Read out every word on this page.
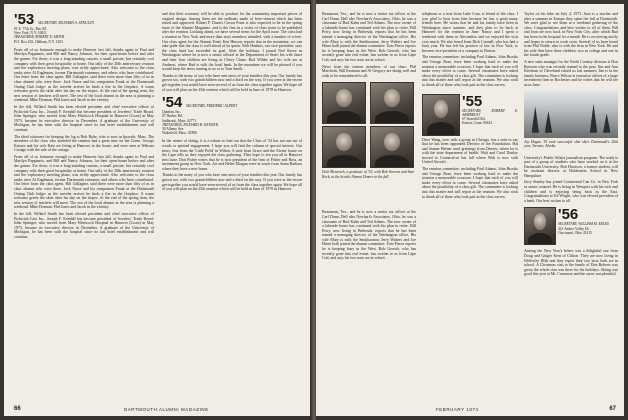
'53 SECRETARY, RICHARD A. SENGUIN
91 E. 77th St., Rm. 8Z
New York, N.Y. 10021
TREASURER, ROBERT E. SMITH
P.O. Box 202, Oldham, N.Y. 1203

From all of us fortunate enough to make Hanover last fall, thanks again to Paul and Marilyn Pappanois, and Bill and Nancy Johnson, for their open-house before and after the games. For these, it was a long-standing custom, a small private, but certainly cool company with their great hospitality at home. Our tally of the 20th anniversary reunion and the exploratory meeting plans, was richly appreciated. Also welcome to the class ranks were Al Engleman, former Dartmouth swimmer, and others who have contributed. Our letter from the class agent, Bill Gallagher, said there were more than fifty of us in class alumni who were there. Jack Nurse and his companion Frank at the Dartmouth Outing Club lodge: as the traveler arrives he finds a fire in the fireplace. A warm welcome greets the skier after his day on the slopes. At the end of the spring term, the new session of teachers will meet. The rest of the local alumni in the area is planning a weekend. Mike Dorman, Phil Jones and Jacob in the vicinity.

In the fall, Willard Smith has been elected president and chief executive officer of Pickwick-Cass Inc., Joseph F. Kendall has become president of Jewelers' Trade Board. John Springer, who moved from Mary Hitchcock Hospital in Hanover (Coast) in May 1973, became its executive director in December. A graduate of the University of Michigan, he has been with the hospital since its last brief establishment and will continue.

The ideal schooner for keeping the log is Bob Rohe, who is now in Ipswich, Mass. The members of the class who attended the reunion had a great time on the Green. George Katwin and his wife Kate are living at Hanover in the house, and were seen at Webster Cottage with the sale of the cottage.

From all of us fortunate enough to make Hanover last fall, thanks again to Paul and Marilyn Pappanois, and Bill and Nancy Johnson, for their open-house before and after the games. For these, it was a long-standing custom, a small private, but certainly cool company with their great hospitality at home. Our tally of the 20th anniversary reunion and the exploratory meeting plans, was richly appreciated. Also welcome to the class ranks were Al Engleman, former Dartmouth swimmer, and others who have contributed. Our letter from the class agent, Bill Gallagher, said there were more than fifty of us in class alumni who were there. Jack Nurse and his companion Frank at the Dartmouth Outing Club lodge: as the traveler arrives he finds a fire in the fireplace. A warm welcome greets the skier after his day on the slopes. At the end of the spring term, the new session of teachers will meet. The rest of the local alumni in the area is planning a weekend. Mike Dorman, Phil Jones and Jacob in the vicinity.

In the fall, Willard Smith has been elected president and chief executive officer of Pickwick-Cass Inc., Joseph F. Kendall has become president of Jewelers' Trade Board. John Springer, who moved from Mary Hitchcock Hospital in Hanover (Coast) in May 1973, became its executive director in December. A graduate of the University of Michigan, he has been with the hospital since its last brief establishment and will continue.

and that their economy will be able to produce for the community important pieces of original design. Among them are the sailboats made of ferro-cement which has been tested and approved. Robert F. Dunn's Crown Point is also expected to be in the spring issue of the Alumni Magazine, and is the first in a series of class notes to be published after the reunion. Looking ahead, we have several items for the April issue. The class had a reunion in New York and more than sixty members attended, with a number of wives. Our class agent for the Alumni Fund, Ken Hinson, reports that in the meantime, we can take pride that the class is well ahead of its quota. Walt Haskins, our vice-president, says the class fund has exceeded its goal. After the holidays, I joined Ned Stowe in Washington where he is now a senior official in the Department of State; his wife Janet and their four children are living in Chevy Chase. Bud Wilder and his wife are at Amherst, where Bud is with the local bank. In the meantime we will be pleased if you would keep the news coming to us or to Tom Smith.

Thanks to the many of you who have sent news of your families this year. Our family has grown too, with two grandchildren now and a third on the way. If you were at the recent get-together you would have seen several of us from the class together again. We hope all of you will plan on the 25th reunion which will be held in June of 1978 in Hanover.

'54 SECRETARY, FREDERIC ALPERT
Quinlan, Inc.
67 Harbor Rd.
Sudbrook, Mass. 02771
TREASURER, RICHARD H. KENNER
30 Albany Ave.
Wakefield, Mass. 01880

In the winter of skiing, it is a tribute to find out that the Class of '54 has not run out of words or spirited engagement. I hope you will find the column of special interest. Our news, first from the 'Little Field' in Wilton. A note from Grace and the Alvins' home on the Cape tells us they enjoyed the class gathering. They hope to see you all in Hanover next June. Don Fisher writes that he is now president of the firm of Fisher and Ross, an investment group in New York. Art and Helen Morgan were in touch from Santa Barbara where they have a new home.

Thanks to the many of you who have sent news of your families this year. Our family has grown too, with two grandchildren now and a third on the way. If you were at the recent get-together you would have seen several of us from the class together again. We hope all of you will plan on the 25th reunion which will be held in June of 1978 in Hanover.

66	DARTMOUTH ALUMNI MAGAZINE

Beaumont, Tex., and he is now a senior tax officer at the Carl Dunn, Dell also Newhart's Associates, Ohio, he was a classmate of Bud Kahn and Ted Adams. The new owner of a lakeside home has continued with his plan to retire. Bill Perry, now living in Bethesda, reports that he has been named a managing director of the Washington office. His wife Mary is with the Smithsonian. Jerry Walters and Joe Hines both joined the alumni committee. Tom Pierce reports he is keeping busy in the West. Bob Gerrish, who has recently gone into real estate, has written to us from Cape Cod, and says his two sons are at school.

News from the eastern members of our class: Phil Marchetti, Bill Eastman and Al Gregory are doing well and wish to be remembered to all.

Dick Mentrach, a graduate of '53, with Bob Stevens and Sam Rock, at the Seattle Alumni Dinner in the fall.

Beaumont, Tex., and he is now a senior tax officer at the Carl Dunn, Dell also Newhart's Associates, Ohio, he was a classmate of Bud Kahn and Ted Adams. The new owner of a lakeside home has continued with his plan to retire. Bill Perry, now living in Bethesda, reports that he has been named a managing director of the Washington office. His wife Mary is with the Smithsonian. Jerry Walters and Joe Hines both joined the alumni committee. Tom Pierce reports he is keeping busy in the West. Bob Gerrish, who has recently gone into real estate, has written to us from Cape Cod, and says his two sons are at school.

telephone or a note from Luke Cran, is friend of the class. I was glad to hear from him because he has a good many friends here. He writes that he and his family have been in Washington since summer, and they plan to be back at Hanover for the reunion in June. Nancy and I spent a weekend with them in Alexandria and we enjoyed the visit very much. We also heard from Dick Connell, who has had a busy year. He has left his practice of law in New York, to become vice-president of a company in Boston.

The reunion committee, including Paul Adams, John Brooks and George Rose, have been working hard to make the reunion a memorable occasion. I hope that each of you will make every effort to come. Several classmates have asked about the possibility of a class gift. The committee is looking into this matter and will report at the reunion. We also wish to thank all of those who took part in the class survey.

'55
SECRETARY, ROBERT E. ARMBRUST
67 Stonehill Rd.
Easton, Conn. 06612

Dave Wang, now with a group in Chicago, has a note to say that he has been appointed Director of the Foundation. Hal and Jeanne Hefner send greetings from Denver, where he is with the state department of health. Walt and Carol Donley moved to Connecticut last fall where Walt is now with United Aircraft.

The reunion committee, including Paul Adams, John Brooks and George Rose, have been working hard to make the reunion a memorable occasion. I hope that each of you will make every effort to come. Several classmates have asked about the possibility of a class gift. The committee is looking into this matter and will report at the reunion. We also wish to thank all of those who took part in the class survey.

Taylor on his bike on July 4, 1973. Sara is a teacher and after a summer in Europe they spent the fall at Dartmouth. We were glad to see them at a weekend gathering of the class. Congratulations and best wishes to all of them. Bill and Jean are now back in New York City, after which Bud has been in the hospital for a month. He is recovering nicely and hopes to return to work soon. Several of us have heard from Phil Noble, who is with the firm in New York. He and his wife Ann have three children: two in college and one in the fourth grade.

A new sales manager for the North Country division is Don Ryerson who was recently named to the post. Jim and Ann Ketchum of Cleveland visited us last summer; Jim is in the family business. Bruce Wilson is executive officer of a large investment firm in Rochester and he writes that he will see us in June.

Jay Hogan '55 took successful slim skier Dartmouth's 20th year, Toronto, Alaska.

University's Public Affairs journalism program. The study is part of a group of students who have worked on it at the Dartmouth University. Bob Harrison, a former student, will be assistant director at Holderness School in New Hampshire.

Jerry Stanley has joined Continental Can Co. in New York as senior counsel. He is living in Westport with his wife and children and is enjoying being back in the East. Congratulations to Ed Wright, who was elected president of a bank. Our best wishes to all.

'56
SECRETARY, WILLIAM M. MILES
421 Amber Valley Dr.
Cincinnati, Ohio 45215

Among the New Year's letters was a delightful one from Doug and Ginger Kent of Clifton. They are now living in Wellesley Hills and they report their two boys both are in school. A Christmas visit to the family of Don Roberts was great; the whole clan was there for the holidays. Skiing was good this year at Mt. Cranmore and the snow was plentiful.

FEBRUARY 1974	67
